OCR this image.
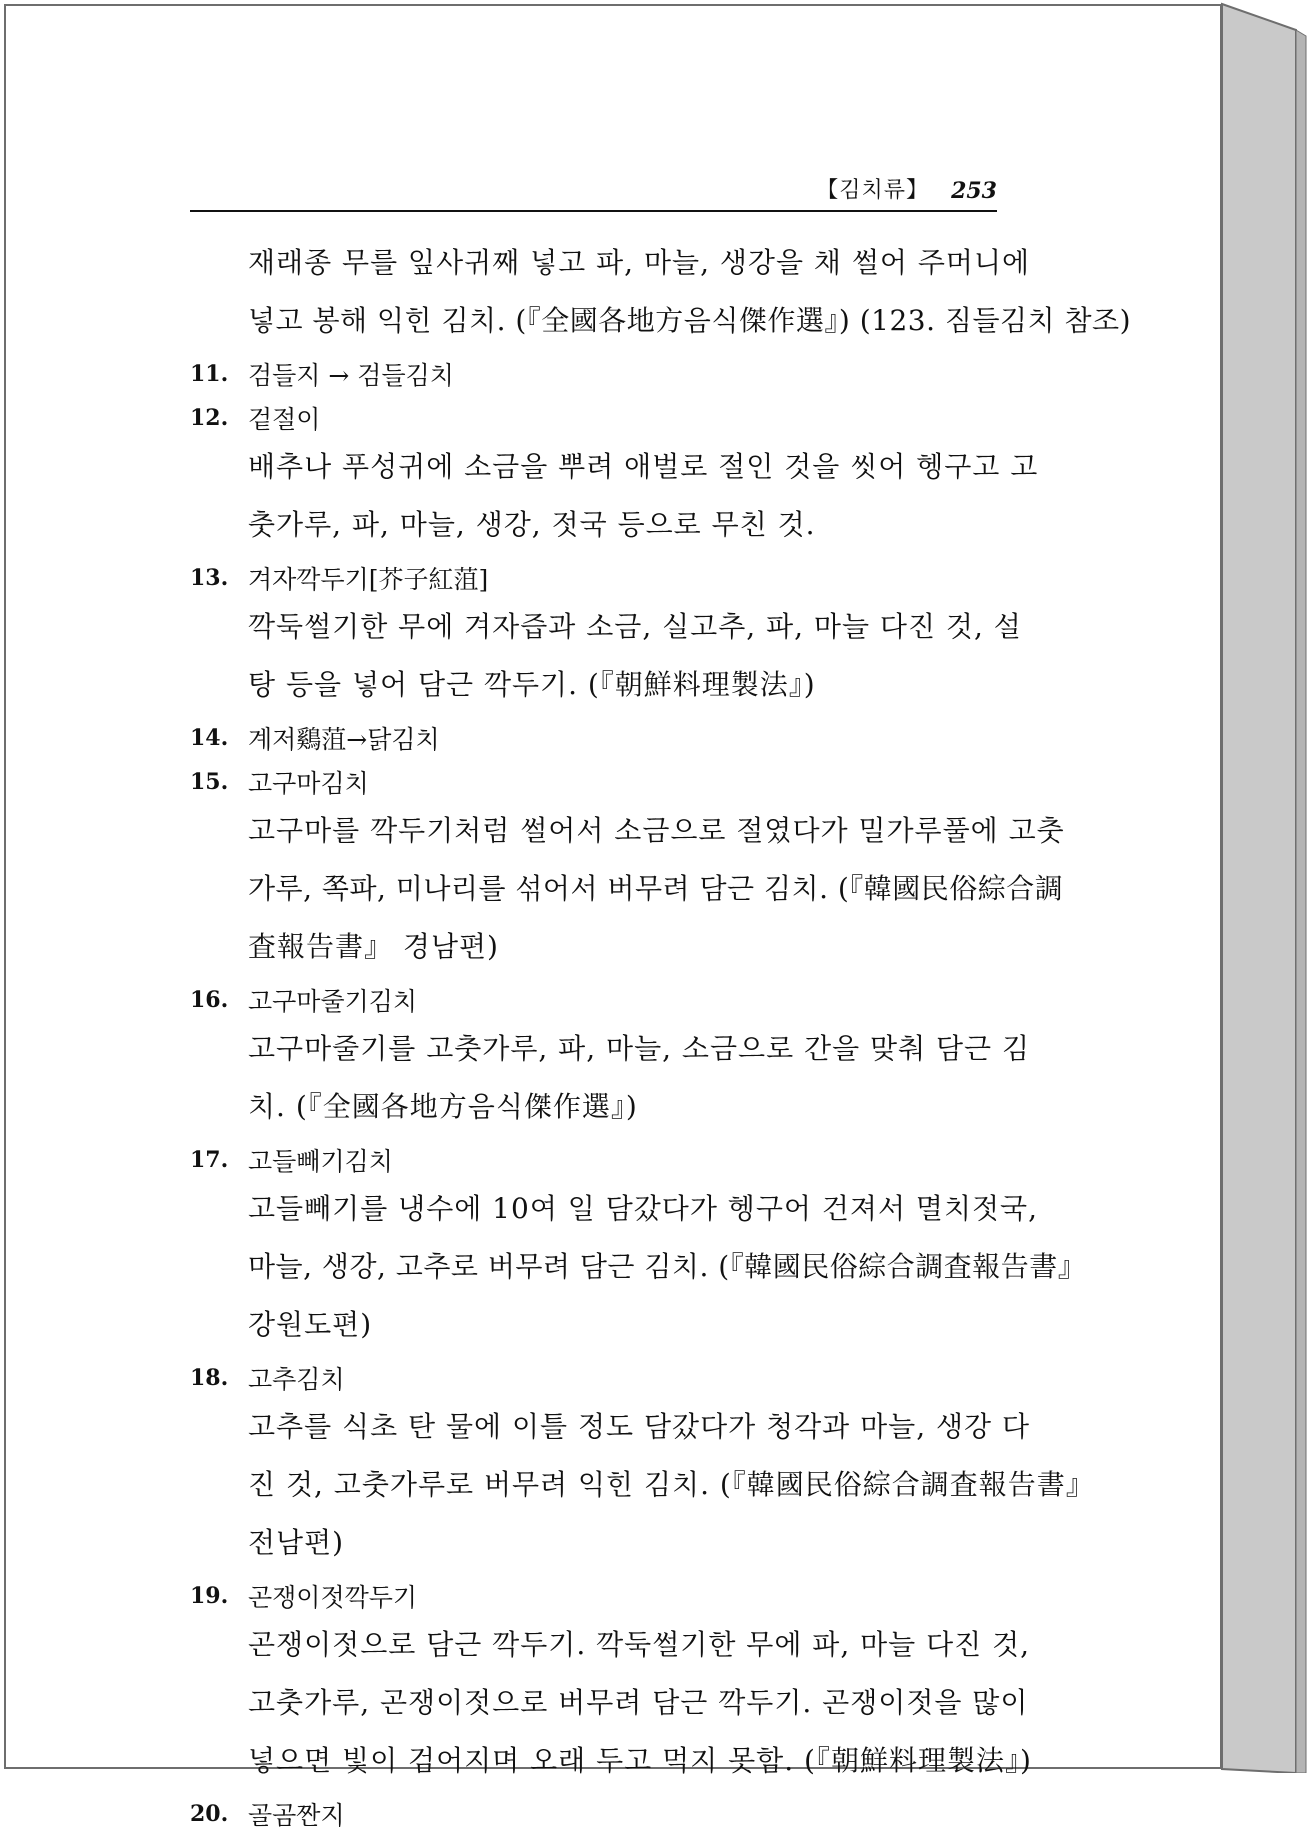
【김치류】 253
재래종 무를 잎사귀째 넣고 파, 마늘, 생강을 채 썰어 주머니에
넣고 봉해 익힌 김치. (『全國各地方음식傑作選』) (123. 짐들김치 참조)
11. 검들지 → 검들김치
12. 겉절이
배추나 푸성귀에 소금을 뿌려 애벌로 절인 것을 씻어 헹구고 고
춧가루, 파, 마늘, 생강, 젓국 등으로 무친 것.
13. 겨자깍두기[芥子紅菹]
깍둑썰기한 무에 겨자즙과 소금, 실고추, 파, 마늘 다진 것, 설
탕 등을 넣어 담근 깍두기. (『朝鮮料理製法』)
14. 계저鷄菹→닭김치
15. 고구마김치
고구마를 깍두기처럼 썰어서 소금으로 절였다가 밀가루풀에 고춧
가루, 쪽파, 미나리를 섞어서 버무려 담근 김치. (『韓國民俗綜合調
査報告書』 경남편)
16. 고구마줄기김치
고구마줄기를 고춧가루, 파, 마늘, 소금으로 간을 맞춰 담근 김
치. (『全國各地方음식傑作選』)
17. 고들빼기김치
고들빼기를 냉수에 10여 일 담갔다가 헹구어 건져서 멸치젓국,
마늘, 생강, 고추로 버무려 담근 김치. (『韓國民俗綜合調査報告書』
강원도편)
18. 고추김치
고추를 식초 탄 물에 이틀 정도 담갔다가 청각과 마늘, 생강 다
진 것, 고춧가루로 버무려 익힌 김치. (『韓國民俗綜合調査報告書』
전남편)
19. 곤쟁이젓깍두기
곤쟁이젓으로 담근 깍두기. 깍둑썰기한 무에 파, 마늘 다진 것,
고춧가루, 곤쟁이젓으로 버무려 담근 깍두기. 곤쟁이젓을 많이
넣으면 빛이 검어지며 오래 두고 먹지 못함. (『朝鮮料理製法』)
20. 골곰짠지
